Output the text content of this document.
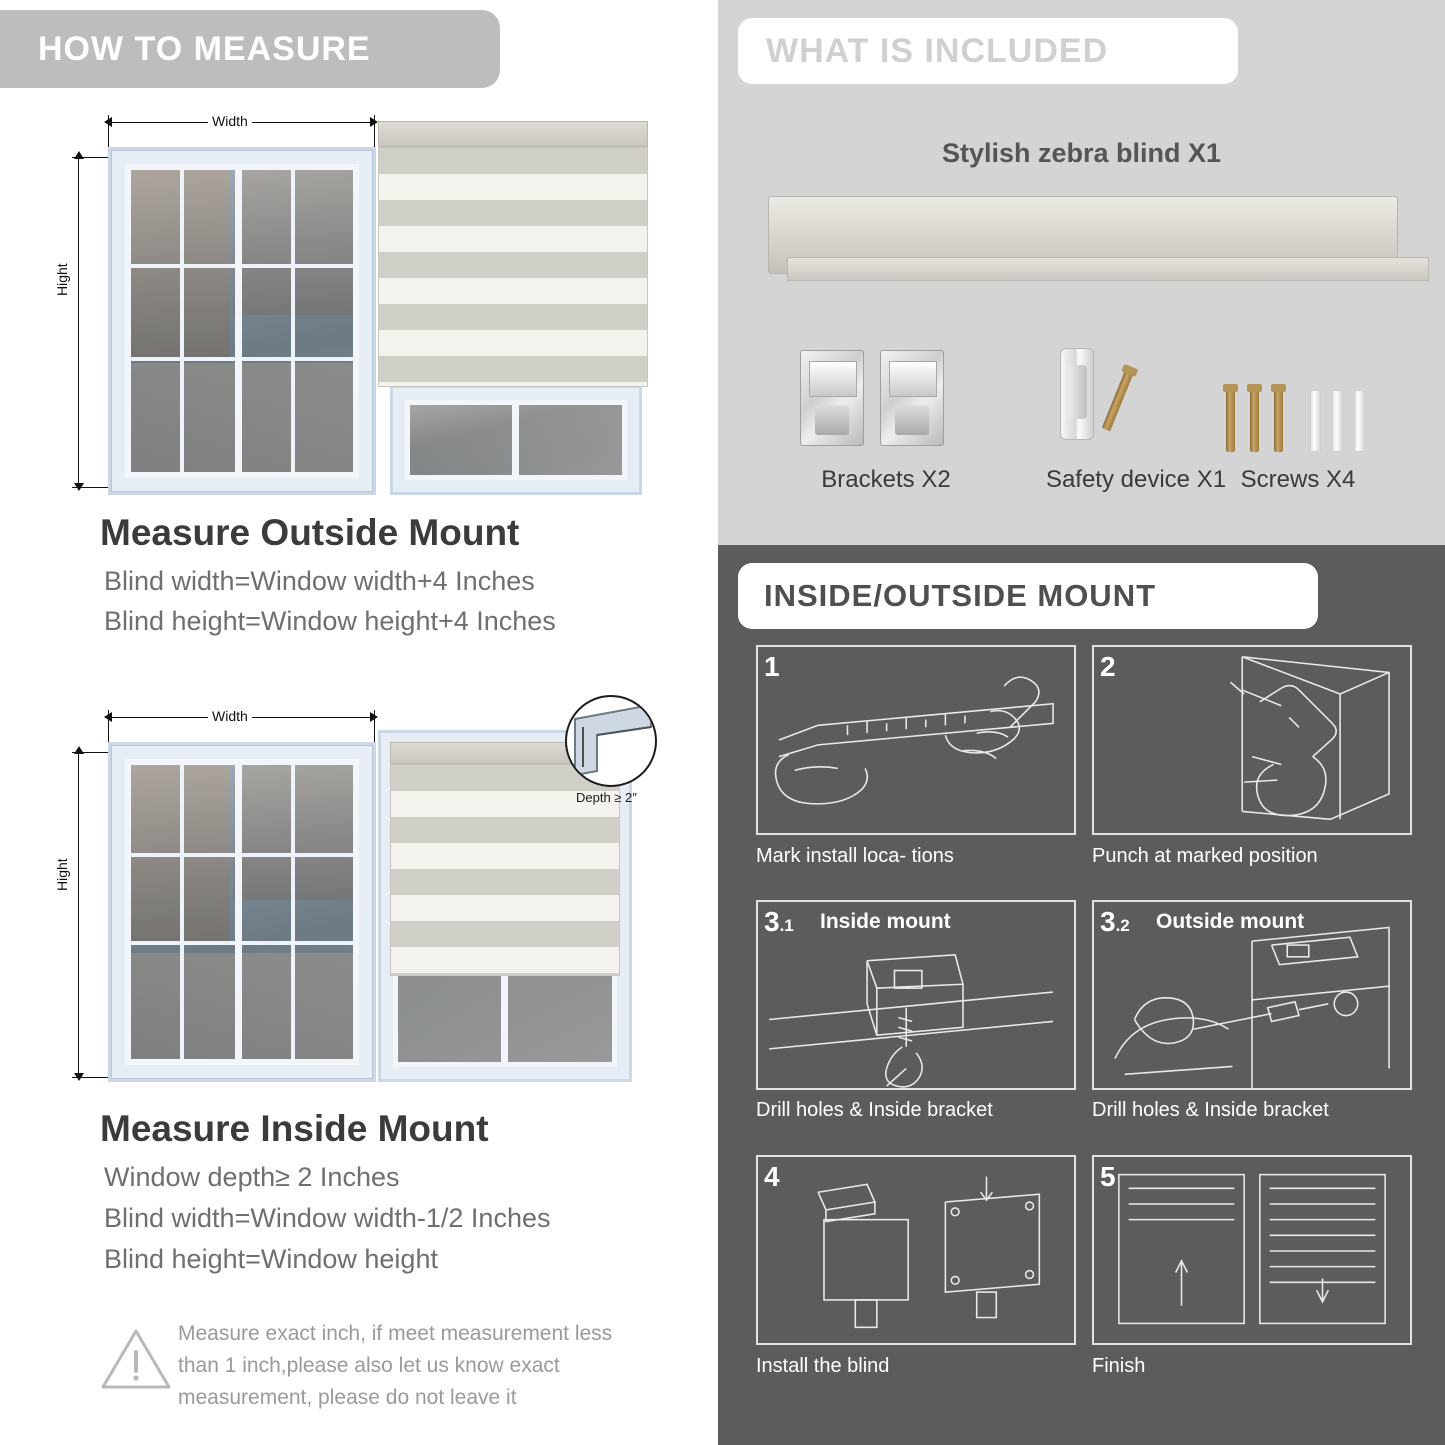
HOW TO MEASURE
Width
Hight
Measure Outside Mount
Blind width=Window width+4 Inches
Blind height=Window height+4 Inches
Width
Hight
Depth ≥ 2″
Measure Inside Mount
Window depth≥ 2 Inches
Blind width=Window width-1/2 Inches
Blind height=Window height
Measure exact inch, if meet measurement less than 1 inch,please also let us know exact measurement, please do not leave it
WHAT IS INCLUDED
Stylish zebra blind X1
Brackets X2	Safety device X1 Screws X4
INSIDE/OUTSIDE MOUNT
1
Mark install loca- tions
2
Punch at marked position
3.1 Inside mount
Drill holes & Inside bracket
3.2 Outside mount
Drill holes & Inside bracket
4
Install the blind
5
Finish
